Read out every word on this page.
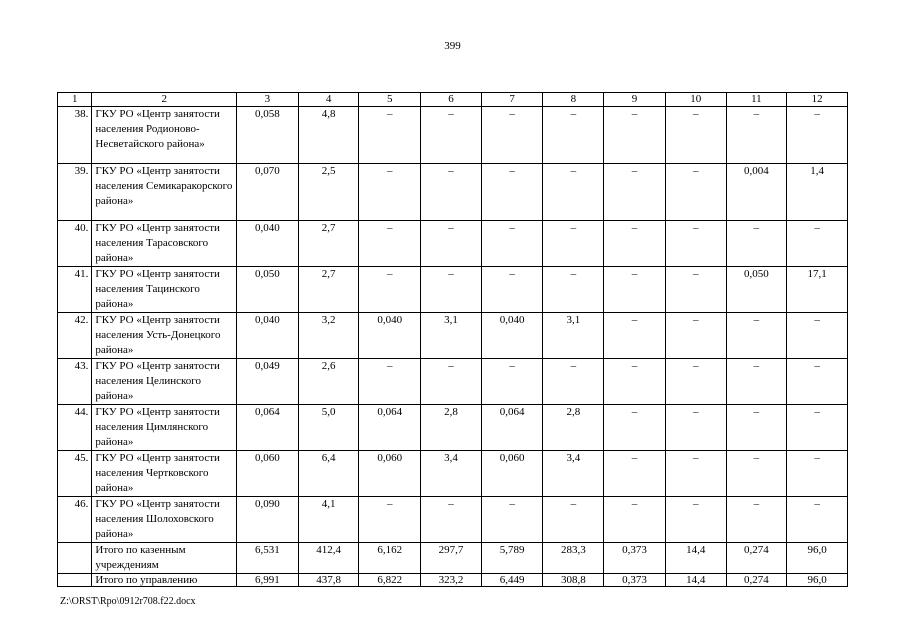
399
1	2	3	4	5	6	7	8	9	10	11	12
38.	ГКУ РО «Центр занятости населения Родионово-Несветайского района»	0,058	4,8	–	–	–	–	–	–	–	–
39.	ГКУ РО «Центр занятости населения Семикаракорского района»	0,070	2,5	–	–	–	–	–	–	0,004	1,4
40.	ГКУ РО «Центр занятости населения Тарасовского района»	0,040	2,7	–	–	–	–	–	–	–	–
41.	ГКУ РО «Центр занятости населения Тацинского района»	0,050	2,7	–	–	–	–	–	–	0,050	17,1
42.	ГКУ РО «Центр занятости населения Усть-Донецкого района»	0,040	3,2	0,040	3,1	0,040	3,1	–	–	–	–
43.	ГКУ РО «Центр занятости населения Целинского района»	0,049	2,6	–	–	–	–	–	–	–	–
44.	ГКУ РО «Центр занятости населения Цимлянского района»	0,064	5,0	0,064	2,8	0,064	2,8	–	–	–	–
45.	ГКУ РО «Центр занятости населения Чертковского района»	0,060	6,4	0,060	3,4	0,060	3,4	–	–	–	–
46.	ГКУ РО «Центр занятости населения Шолоховского района»	0,090	4,1	–	–	–	–	–	–	–	–
	Итого по казенным учреждениям	6,531	412,4	6,162	297,7	5,789	283,3	0,373	14,4	0,274	96,0
	Итого по управлению	6,991	437,8	6,822	323,2	6,449	308,8	0,373	14,4	0,274	96,0
Z:\ORST\Rpo\0912r708.f22.docx
